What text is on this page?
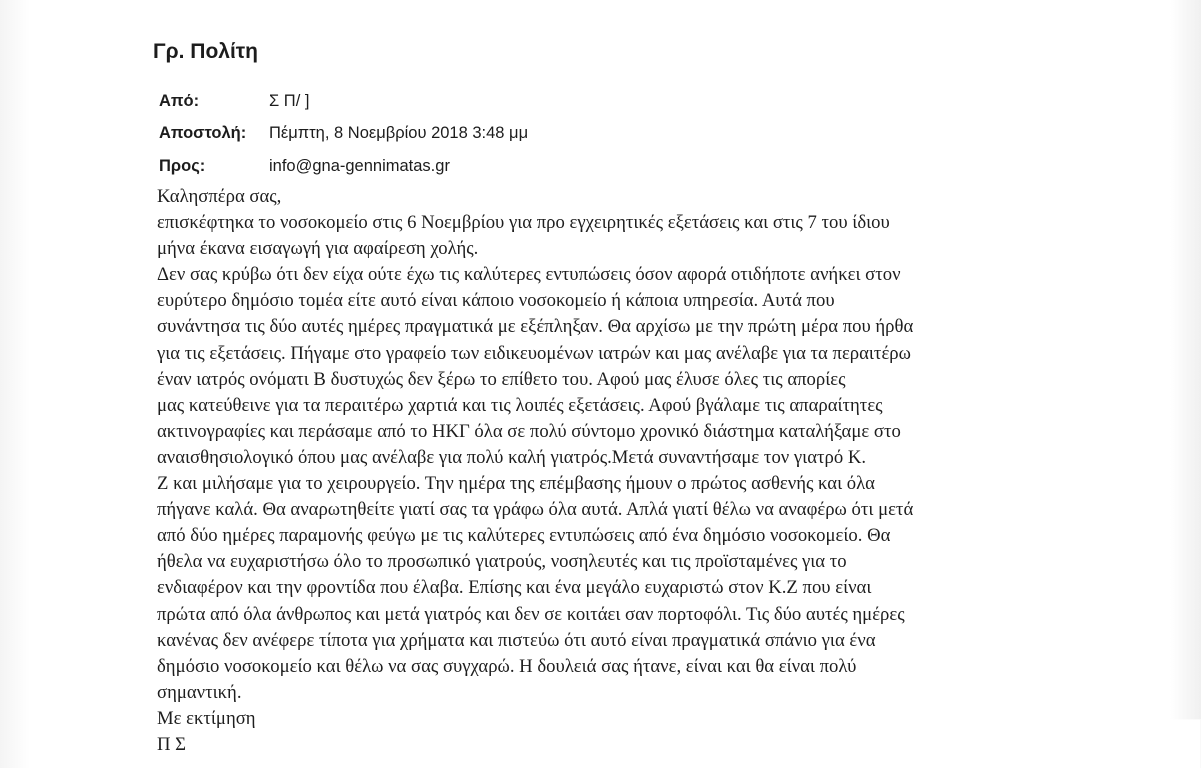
Γρ. Πολίτη
Από:	Σ Π/ ]
Αποστολή: Πέμπτη, 8 Νοεμβρίου 2018 3:48 μμ
Προς:	info@gna-gennimatas.gr
Καλησπέρα σας,
επισκέφτηκα το νοσοκομείο στις 6 Νοεμβρίου για προ εγχειρητικές εξετάσεις και στις 7 του ίδιου
μήνα έκανα εισαγωγή για αφαίρεση χολής.
Δεν σας κρύβω ότι δεν είχα ούτε έχω τις καλύτερες εντυπώσεις όσον αφορά οτιδήποτε ανήκει στον
ευρύτερο δημόσιο τομέα είτε αυτό είναι κάποιο νοσοκομείο ή κάποια υπηρεσία. Αυτά που
συνάντησα τις δύο αυτές ημέρες πραγματικά με εξέπληξαν. Θα αρχίσω με την πρώτη μέρα που ήρθα
για τις εξετάσεις. Πήγαμε στο γραφείο των ειδικευομένων ιατρών και μας ανέλαβε για τα περαιτέρω
έναν ιατρός ονόματι Β δυστυχώς δεν ξέρω το επίθετο του. Αφού μας έλυσε όλες τις απορίες
μας κατεύθεινε για τα περαιτέρω χαρτιά και τις λοιπές εξετάσεις. Αφού βγάλαμε τις απαραίτητες
ακτινογραφίες και περάσαμε από το ΗΚΓ όλα σε πολύ σύντομο χρονικό διάστημα καταλήξαμε στο
αναισθησιολογικό όπου μας ανέλαβε για πολύ καλή γιατρός.Μετά συναντήσαμε τον γιατρό Κ.
Ζ και μιλήσαμε για το χειρουργείο. Την ημέρα της επέμβασης ήμουν ο πρώτος ασθενής και όλα
πήγανε καλά. Θα αναρωτηθείτε γιατί σας τα γράφω όλα αυτά. Απλά γιατί θέλω να αναφέρω ότι μετά
από δύο ημέρες παραμονής φεύγω με τις καλύτερες εντυπώσεις από ένα δημόσιο νοσοκομείο. Θα
ήθελα να ευχαριστήσω όλο το προσωπικό γιατρούς, νοσηλευτές και τις προϊσταμένες για το
ενδιαφέρον και την φροντίδα που έλαβα. Επίσης και ένα μεγάλο ευχαριστώ στον Κ.Ζ που είναι
πρώτα από όλα άνθρωπος και μετά γιατρός και δεν σε κοιτάει σαν πορτοφόλι. Τις δύο αυτές ημέρες
κανένας δεν ανέφερε τίποτα για χρήματα και πιστεύω ότι αυτό είναι πραγματικά σπάνιο για ένα
δημόσιο νοσοκομείο και θέλω να σας συγχαρώ. Η δουλειά σας ήτανε, είναι και θα είναι πολύ
σημαντική.
Με εκτίμηση
Π Σ
